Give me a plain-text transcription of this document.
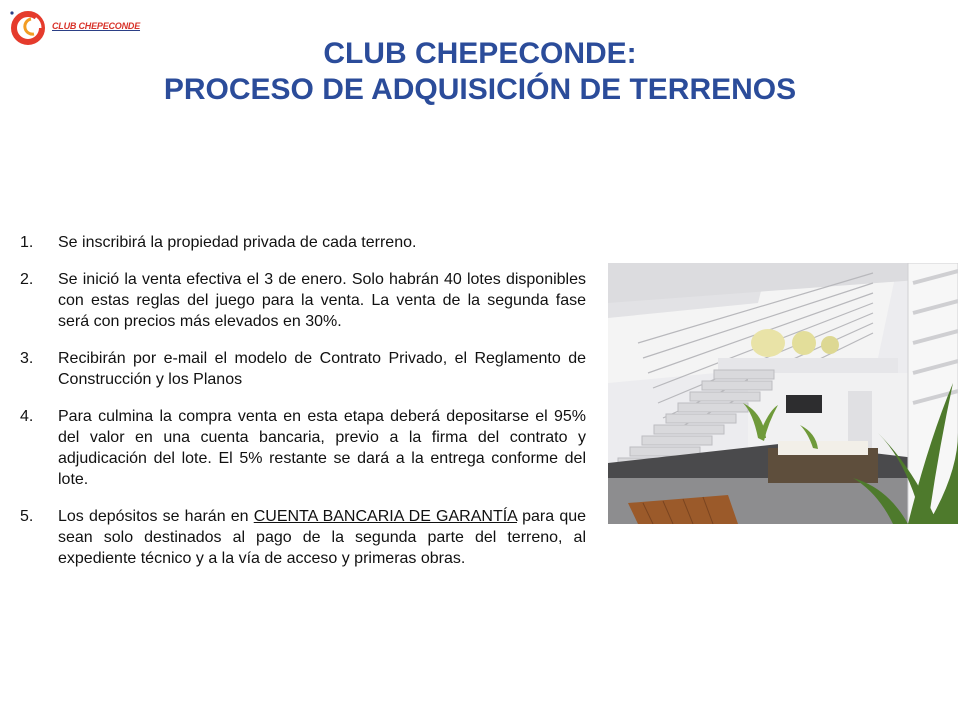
CLUB CHEPECONDE
CLUB CHEPECONDE:
PROCESO DE ADQUISICIÓN DE TERRENOS
1. Se inscribirá la propiedad privada de cada terreno.
2. Se inició la venta efectiva el 3 de enero. Solo habrán 40 lotes disponibles con estas reglas del juego para la venta. La venta de la segunda fase será con precios más elevados en 30%.
3. Recibirán por e-mail el modelo de Contrato Privado, el Reglamento de Construcción y los Planos
4. Para culmina la compra venta en esta etapa deberá depositarse el 95% del valor en una cuenta bancaria, previo a la firma del contrato y adjudicación del lote. El 5% restante se dará a la entrega conforme del lote.
5. Los depósitos se harán en CUENTA BANCARIA DE GARANTÍA para que sean solo destinados al pago de la segunda parte del terreno, al expediente técnico y a la vía de acceso y primeras obras.
